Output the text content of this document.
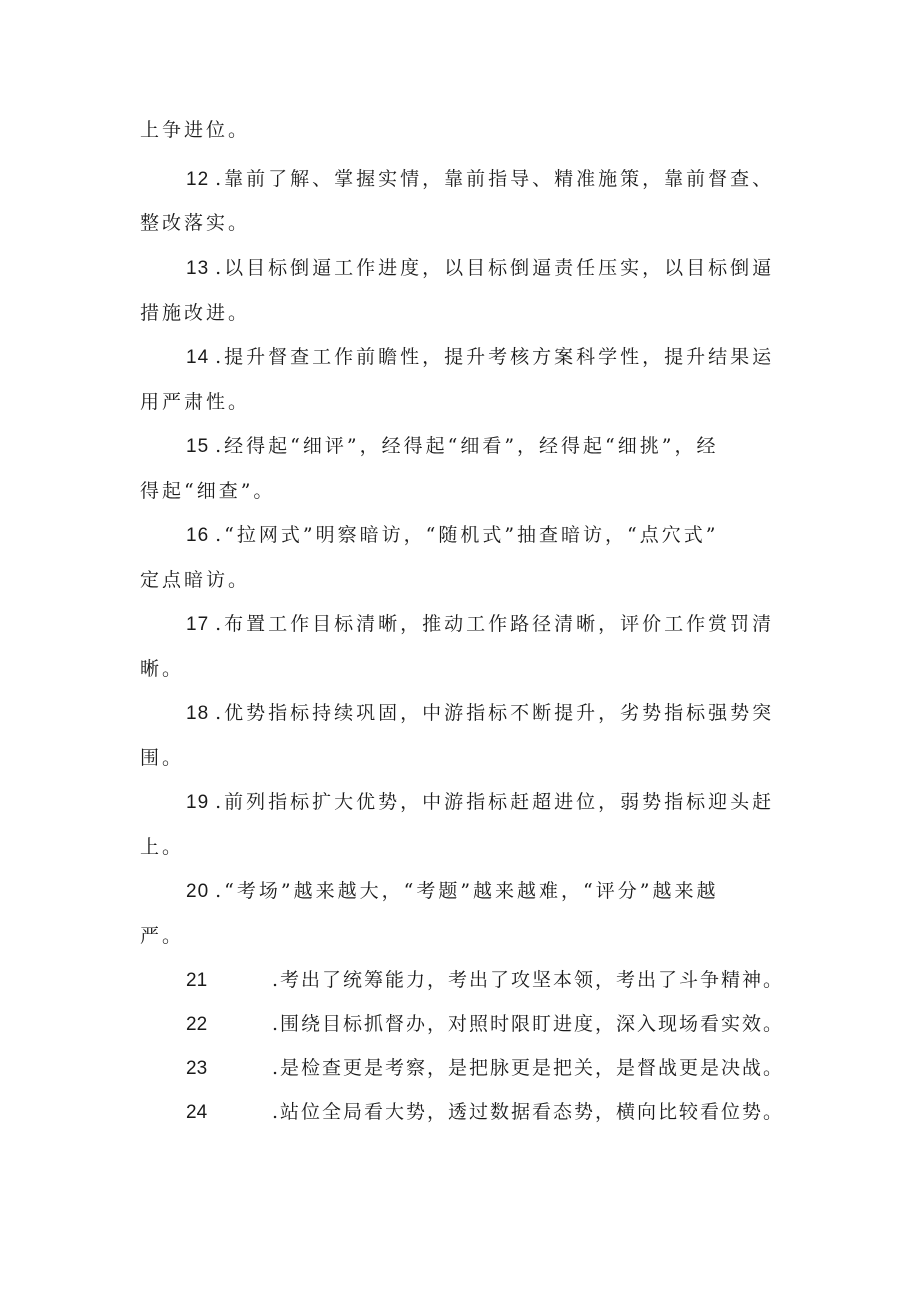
上争进位。
12 .靠前了解、掌握实情，靠前指导、精准施策，靠前督查、
整改落实。
13 .以目标倒逼工作进度，以目标倒逼责任压实，以目标倒逼
措施改进。
14 .提升督查工作前瞻性，提升考核方案科学性，提升结果运
用严肃性。
15 .经得起“细评”，经得起“细看”，经得起“细挑”，经
得起“细查”。
16 .“拉网式”明察暗访，“随机式”抽查暗访，“点穴式”
定点暗访。
17 .布置工作目标清晰，推动工作路径清晰，评价工作赏罚清
晰。
18 .优势指标持续巩固，中游指标不断提升，劣势指标强势突
围。
19 .前列指标扩大优势，中游指标赶超进位，弱势指标迎头赶
上。
20 .“考场”越来越大，“考题”越来越难，“评分”越来越
严。
21	.考出了统筹能力，考出了攻坚本领，考出了斗争精神。
22	.围绕目标抓督办，对照时限盯进度，深入现场看实效。
23	.是检查更是考察，是把脉更是把关，是督战更是决战。
24	.站位全局看大势，透过数据看态势，横向比较看位势。
